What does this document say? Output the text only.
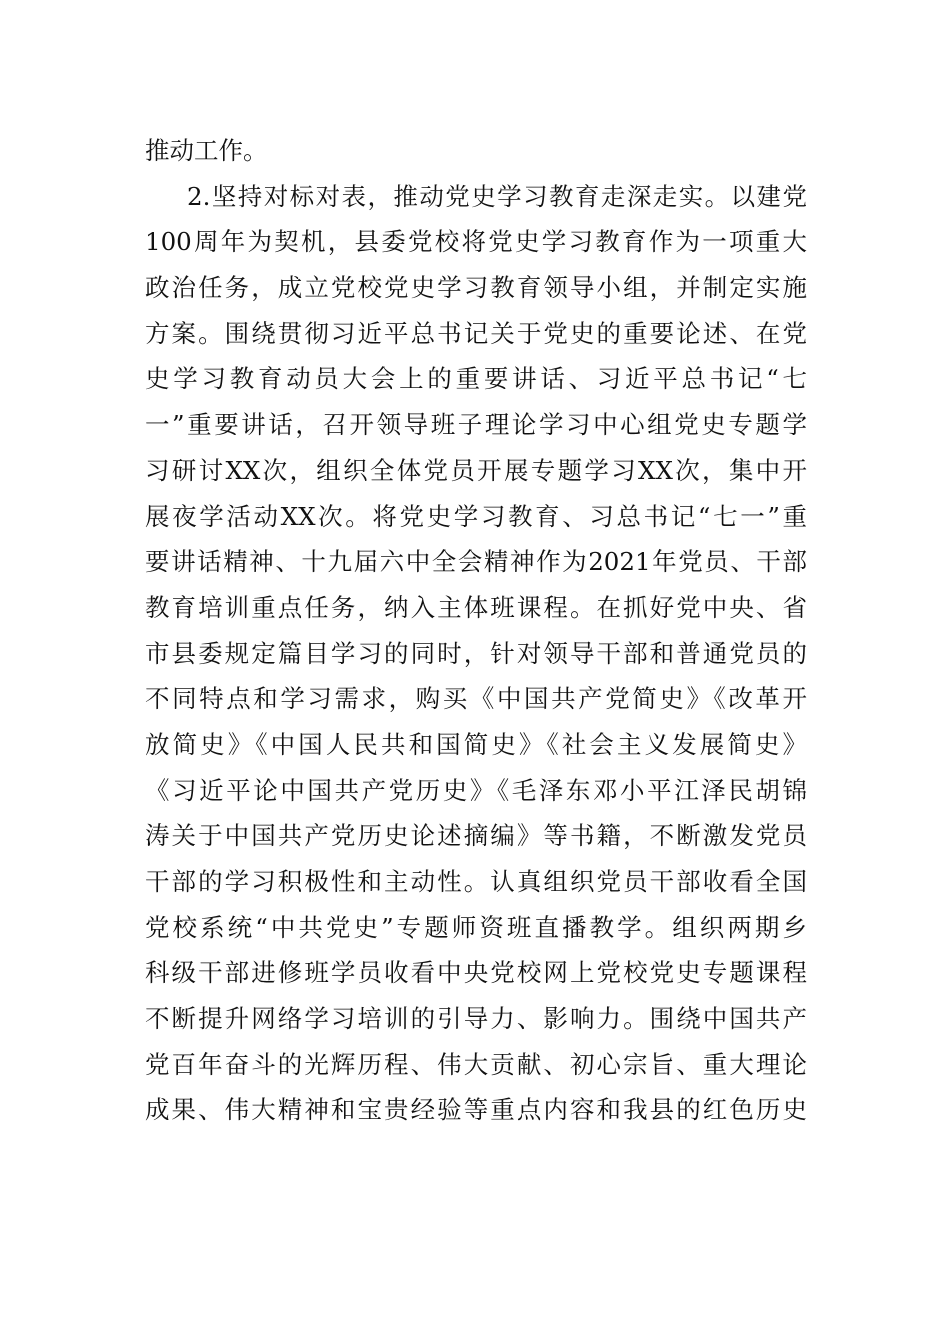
推动工作。
2.坚持对标对表，推动党史学习教育走深走实。以建党
100周年为契机，县委党校将党史学习教育作为一项重大
政治任务，成立党校党史学习教育领导小组，并制定实施
方案。围绕贯彻习近平总书记关于党史的重要论述、在党
史学习教育动员大会上的重要讲话、习近平总书记“七
一”重要讲话，召开领导班子理论学习中心组党史专题学
习研讨XX次，组织全体党员开展专题学习XX次，集中开
展夜学活动XX次。将党史学习教育、习总书记“七一”重
要讲话精神、十九届六中全会精神作为2021年党员、干部
教育培训重点任务，纳入主体班课程。在抓好党中央、省
市县委规定篇目学习的同时，针对领导干部和普通党员的
不同特点和学习需求，购买《中国共产党简史》《改革开
放简史》《中国人民共和国简史》《社会主义发展简史》
《习近平论中国共产党历史》《毛泽东邓小平江泽民胡锦
涛关于中国共产党历史论述摘编》等书籍，不断激发党员
干部的学习积极性和主动性。认真组织党员干部收看全国
党校系统“中共党史”专题师资班直播教学。组织两期乡
科级干部进修班学员收看中央党校网上党校党史专题课程
不断提升网络学习培训的引导力、影响力。围绕中国共产
党百年奋斗的光辉历程、伟大贡献、初心宗旨、重大理论
成果、伟大精神和宝贵经验等重点内容和我县的红色历史
